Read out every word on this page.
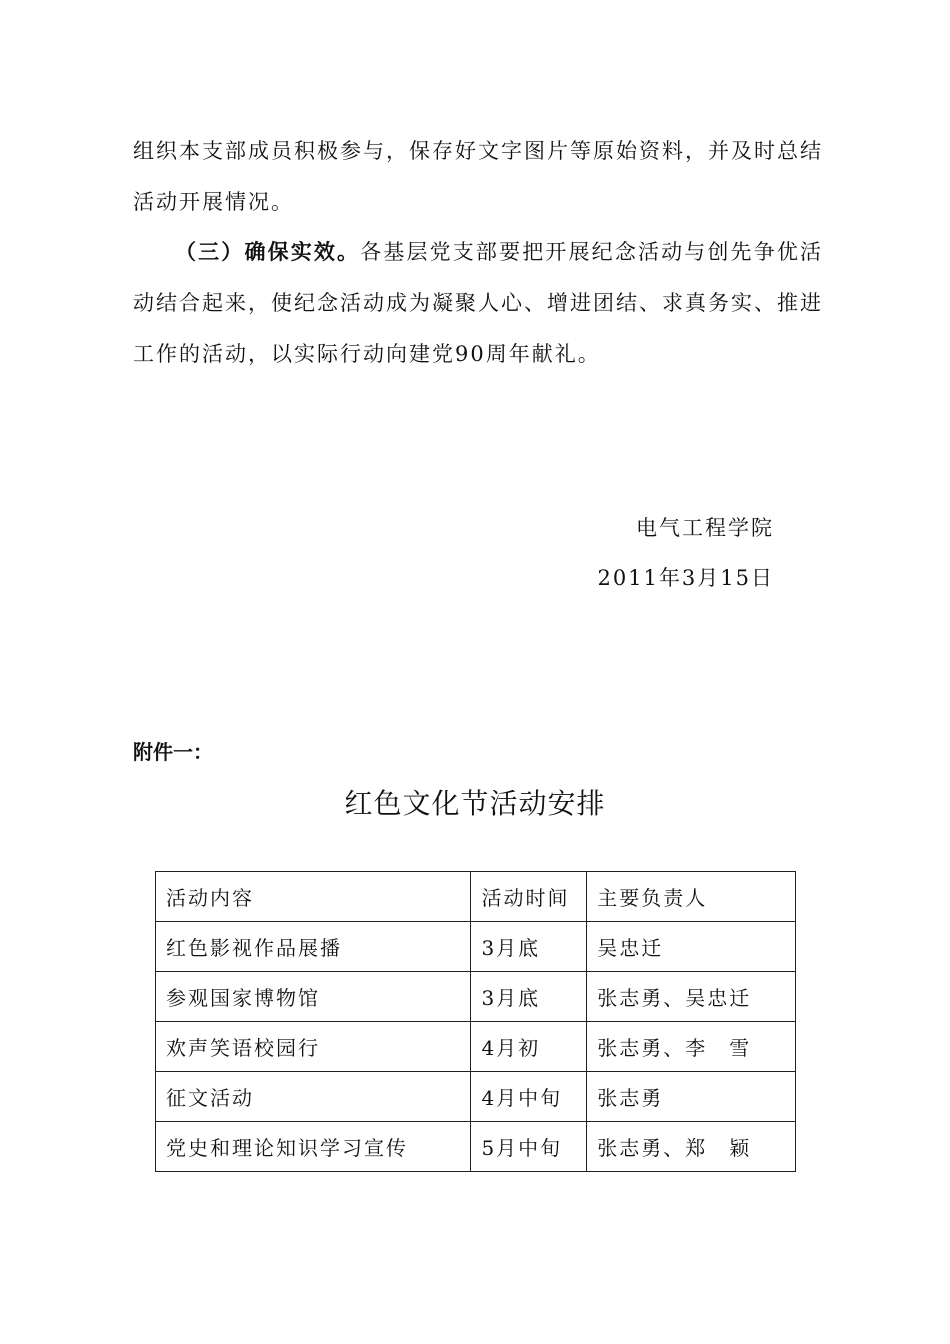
组织本支部成员积极参与，保存好文字图片等原始资料，并及时总结活动开展情况。

（三）确保实效。各基层党支部要把开展纪念活动与创先争优活动结合起来，使纪念活动成为凝聚人心、增进团结、求真务实、推进工作的活动，以实际行动向建党90周年献礼。

电气工程学院
2011年3月15日
附件一：
红色文化节活动安排
活动内容	活动时间	主要负责人
红色影视作品展播	3月底	吴忠迁
参观国家博物馆	3月底	张志勇、吴忠迁
欢声笑语校园行	4月初	张志勇、李　雪
征文活动	4月中旬	张志勇
党史和理论知识学习宣传	5月中旬	张志勇、郑　颖
